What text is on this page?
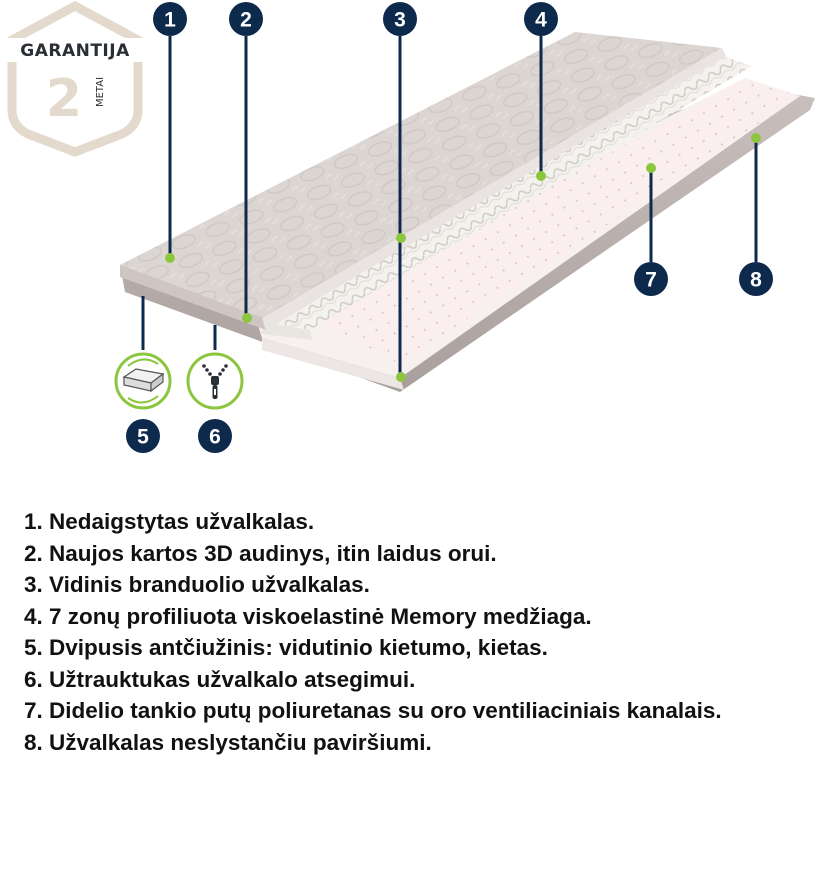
GARANTIJA
2 METAI
1	2	3	4
5	6
7	8
1. Nedaigstytas užvalkalas.
2. Naujos kartos 3D audinys, itin laidus orui.
3. Vidinis branduolio užvalkalas.
4. 7 zonų profiliuota viskoelastinė Memory medžiaga.
5. Dvipusis antčiužinis: vidutinio kietumo, kietas.
6. Užtrauktukas užvalkalo atsegimui.
7. Didelio tankio putų poliuretanas su oro ventiliaciniais kanalais.
8. Užvalkalas neslystančiu paviršiumi.
